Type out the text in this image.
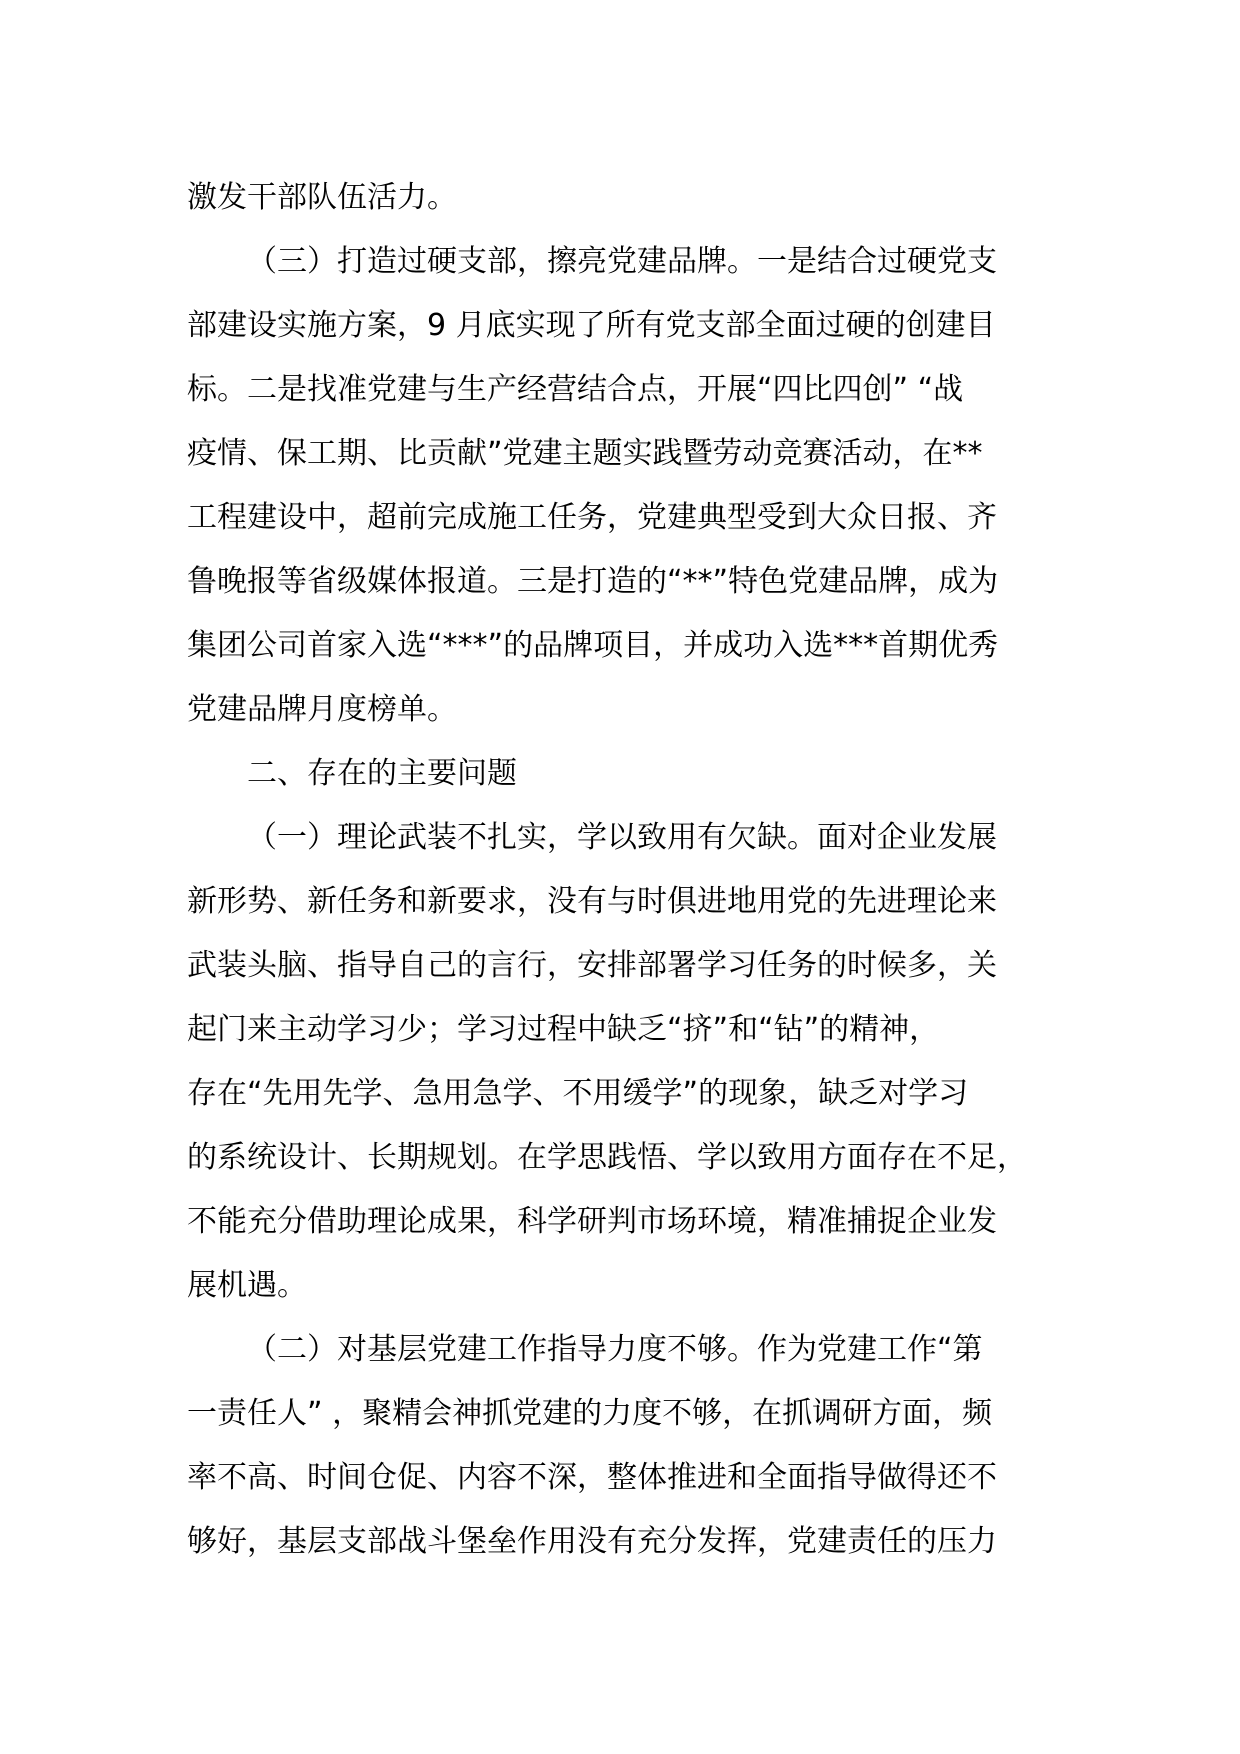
激发干部队伍活力。
（三）打造过硬支部，擦亮党建品牌。一是结合过硬党支
部建设实施方案，9 月底实现了所有党支部全面过硬的创建目
标。二是找准党建与生产经营结合点，开展“四比四创” “战
疫情、保工期、比贡献”党建主题实践暨劳动竞赛活动，在**
工程建设中，超前完成施工任务，党建典型受到大众日报、齐
鲁晚报等省级媒体报道。三是打造的“**”特色党建品牌，成为
集团公司首家入选“***”的品牌项目，并成功入选***首期优秀
党建品牌月度榜单。
二、存在的主要问题
（一）理论武装不扎实，学以致用有欠缺。面对企业发展
新形势、新任务和新要求，没有与时俱进地用党的先进理论来
武装头脑、指导自己的言行，安排部署学习任务的时候多，关
起门来主动学习少；学习过程中缺乏“挤”和“钻”的精神，
存在“先用先学、急用急学、不用缓学”的现象，缺乏对学习
的系统设计、长期规划。在学思践悟、学以致用方面存在不足，
不能充分借助理论成果，科学研判市场环境，精准捕捉企业发
展机遇。
（二）对基层党建工作指导力度不够。作为党建工作“第
一责任人” ，聚精会神抓党建的力度不够，在抓调研方面，频
率不高、时间仓促、内容不深，整体推进和全面指导做得还不
够好，基层支部战斗堡垒作用没有充分发挥，党建责任的压力
